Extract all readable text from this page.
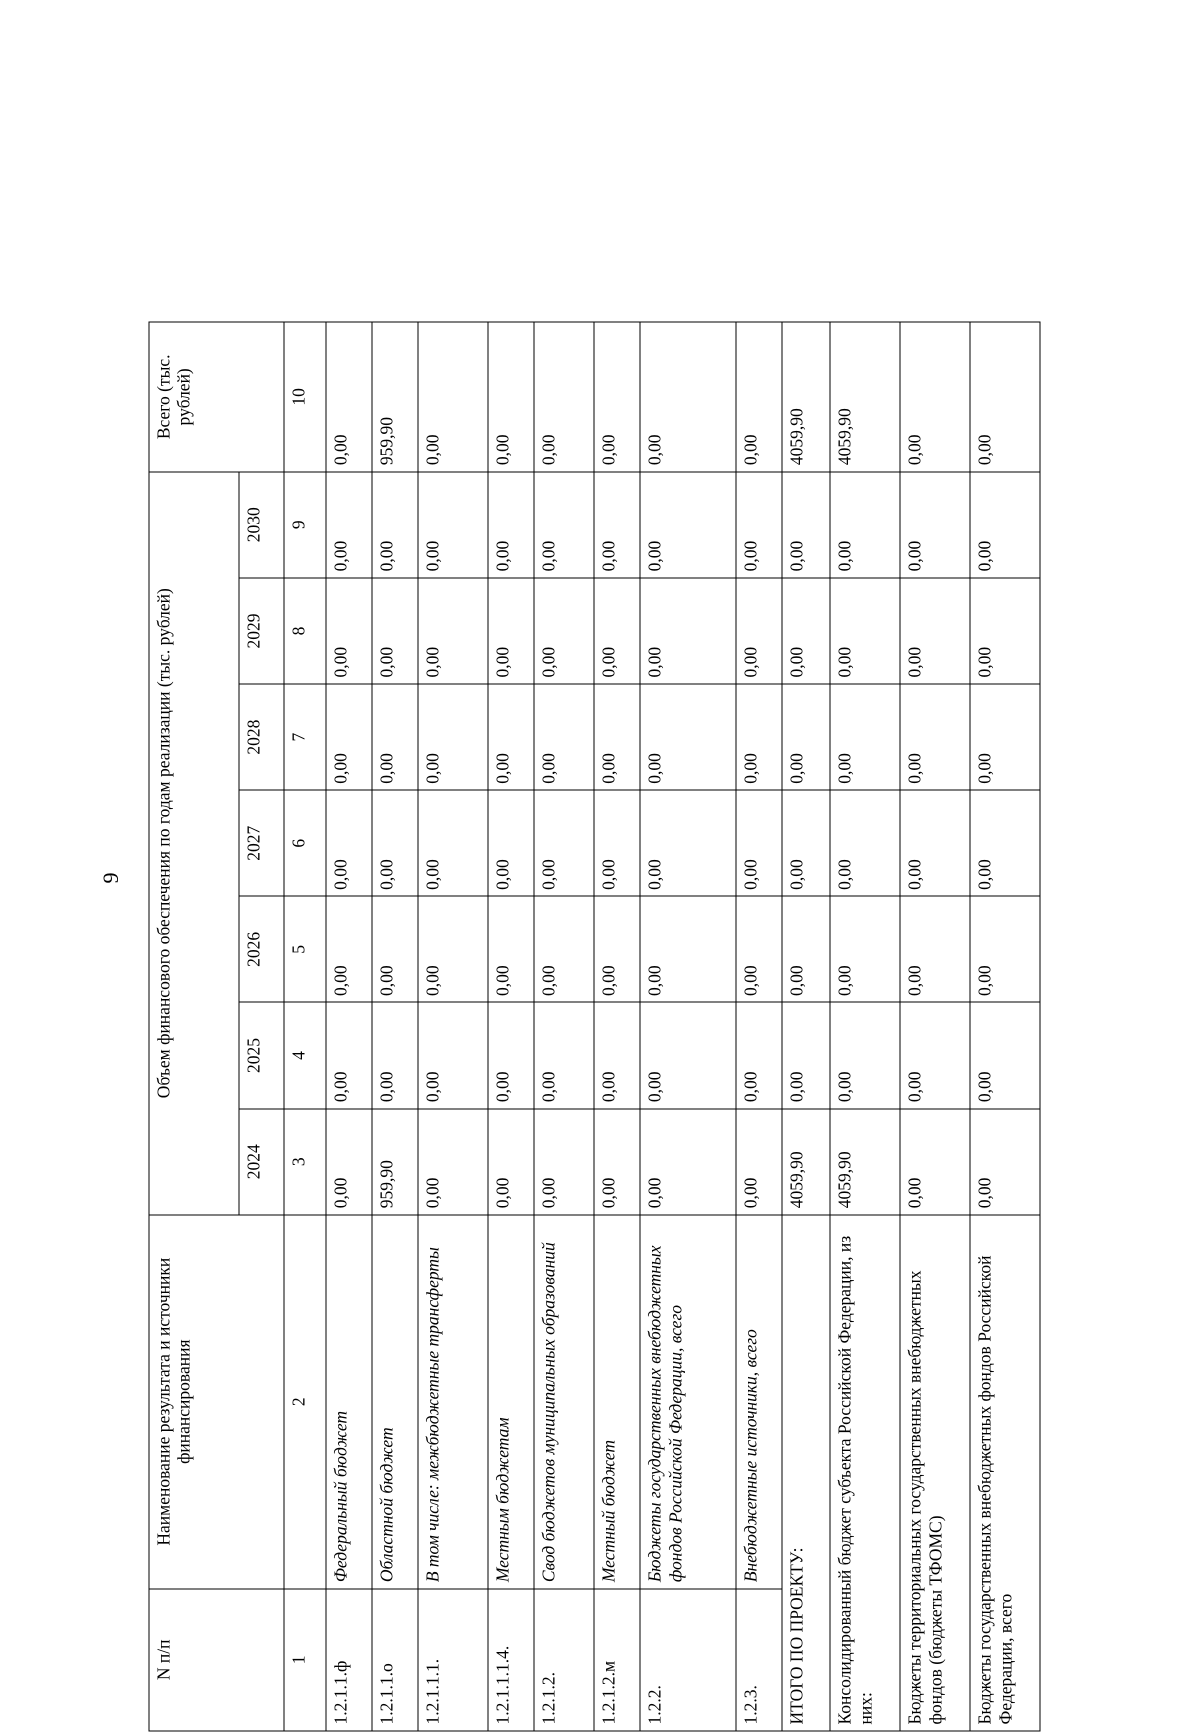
9
N п/п	Наименование результата и источники финансирования	Объем финансового обеспечения по годам реализации (тыс. рублей)							Всего (тыс. рублей)
		2024	2025	2026	2027	2028	2029	2030	
1	2	3	4	5	6	7	8	9	10
1.2.1.1.ф	Федеральный бюджет	0,00	0,00	0,00	0,00	0,00	0,00	0,00	0,00
1.2.1.1.о	Областной бюджет	959,90	0,00	0,00	0,00	0,00	0,00	0,00	959,90
1.2.1.1.1.	В том числе: межбюджетные трансферты	0,00	0,00	0,00	0,00	0,00	0,00	0,00	0,00
1.2.1.1.1.4.	Местным бюджетам	0,00	0,00	0,00	0,00	0,00	0,00	0,00	0,00
1.2.1.2.	Свод бюджетов муниципальных образований	0,00	0,00	0,00	0,00	0,00	0,00	0,00	0,00
1.2.1.2.м	Местный бюджет	0,00	0,00	0,00	0,00	0,00	0,00	0,00	0,00
1.2.2.	Бюджеты государственных внебюджетных фондов Российской Федерации, всего	0,00	0,00	0,00	0,00	0,00	0,00	0,00	0,00
1.2.3.	Внебюджетные источники, всего	0,00	0,00	0,00	0,00	0,00	0,00	0,00	0,00
ИТОГО ПО ПРОЕКТУ:		4059,90	0,00	0,00	0,00	0,00	0,00	0,00	4059,90
Консолидированный бюджет субъекта Российской Федерации, из них:		4059,90	0,00	0,00	0,00	0,00	0,00	0,00	4059,90
Бюджеты территориальных государственных внебюджетных фондов (бюджеты ТФОМС)		0,00	0,00	0,00	0,00	0,00	0,00	0,00	0,00
Бюджеты государственных внебюджетных фондов Российской Федерации, всего		0,00	0,00	0,00	0,00	0,00	0,00	0,00	0,00
